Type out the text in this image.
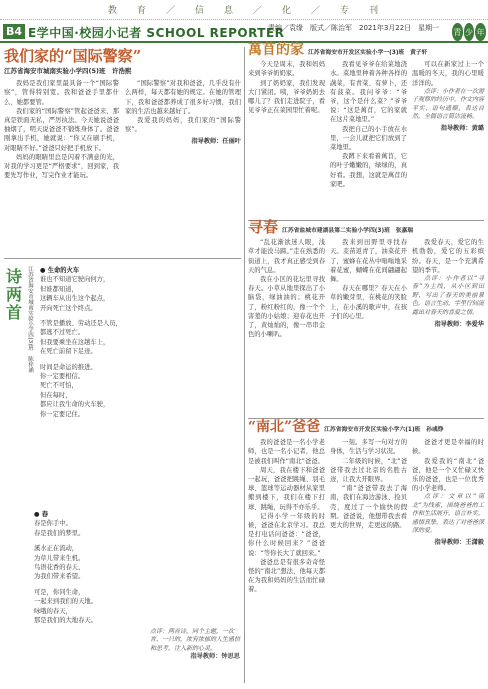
教 育 ／ 信 息 ／ 化 ／ 专 刊
B4 E学中国·校园小记者 SCHOOL REPORTER
责编／袁缘　版式／陈治军　2021年3月22日　星期一	青 少 年
我们家的“国际警察”
江苏省海安市城南实验小学四(5)班　许浩熙

我妈是我们家里最具备一个“国际警察”，管得特别宽。我和爸爸手里都什么，她都要管。

我们家的“国际警察”管起爸爸来，那真是铁面无私，严厉执法。今天她说爸爸抽烟了，明天说爸爸不锻炼身体了。爸爸刚拿出手机，她就说：“你又在刷手机，对眼睛不好。”爸爸只好把手机放下。

妈妈的眼睛里总是闪着不满意的光，对我的学习更是“严格要求”，回到家，我要先写作业，写完作业才能玩。

“国际警察”对我和爸爸，几乎没有什么两样，每天都有她的规定。在她的管理下，我和爸爸都养成了很多好习惯，我们家的生活也越来越好了。

我爱我的妈妈，我们家的“国际警察”。

指导教师：任丽叶
诗两首 江苏省海安市城南实验小学四(3)班　陈梓涵 ● 生命的火车
谁也不知道它驶向何方，
但谁都知道，
这辆车从出生这个起点，
开向死亡这个终点。
不管是播放、劳动还是人员，
都逃不过死亡。
但我要乘坐在这趟车上，
在死亡前留下足迹。
时间是命运的推进。
你一定要相信。
死亡不可怕，
但在每时，
都应让我生命的火车驶，
你一定要记住。
● 春
春是你手中。
春是我们的梦里。
溪水正在流动，
为草儿带来生机。
鸟语花香的春天，
为我们带来希望。
可是，你同生命，
一起来到我们的天地。
咏哦的春天，
那是我们的大地春天。
点评：两首诗，同个主题，一次育、一只的，浓有浓郁的人生感悟和思考，注入新的心灵。
指导教师：钟思思
萬苜的家 江苏省海安市开发区实验小学一(3)班　黄子轩

今天是周末，我和妈妈来到爷爷奶奶家。

到了奶奶家，我们发现大门紧闭。咦，爷爷奶奶去哪儿了？我们走进院子，看见爷爷正在菜园里忙着呢。

我看见爷爷在给菜地浇水。菜地里种着各种各样的蔬菜，有青菜、有萝卜，还有菠菜。我问爷爷：“爷爷，这个是什么菜？”爷爷说：“这是萬苜，它的家就在这片菜地里。”

我把自己的小手放在水里，一会儿就把它们放到了菜地里。

我蹲下来看着萬苜，它的叶子嫩嫩的，绿绿的，真好看。我想，这就是萬苜的家吧。

可以在新家过上一个温暖的冬天，我的心里暖洋洋的。

点评：小作者在一次游子观察的经历中，作文内容平实，语句通顺，表达自然，全篇语言简洁流畅。

指导教师：黄璐
寻春 江苏省盐城市建湖县第二实验小学四(3)班　张嘉瑞

“乱花渐欲迷人眼，浅草才能没马蹄。”走在熟悉的街道上，我才真正感受到春天的气息。

我在小区的花坛里寻找春天。小草从地里探出了小脑袋，绿油油的；桃花开了，粉红粉红的，像一个个害羞的小姑娘；迎春花也开了，黄灿灿的，像一串串金色的小喇叭。

我来到田野里寻找春天。麦苗返青了，油菜花开了，蜜蜂在花丛中嗡嗡地采着花蜜，蝴蝶在花间翩翩起舞。

春天在哪里？春天在小草的嫩芽里，在桃花的笑脸上，在小溪的歌声中，在孩子们的心里。

我爱春天，爱它的生机勃勃，爱它的五彩缤纷。春天，是一个充满希望的季节。

点评：小作者以“寻春”为主线，从小区到田野，写出了春天的美丽景色，语言生动，字里行间流露出对春天的喜爱之情。

指导教师：李爱华
“南北”爸爸 江苏省海安市开发区实验小学六(1)班　孙彧铮

我的爸爸是一名小学老师，也是一名小记者，他总是被我们叫作“南北”爸爸。

周天，我在楼下和爸爸一起玩，爸爸把跳绳、羽毛球、篮球等运动器材从家里搬到楼下，我们在楼下打球、跳绳，玩得不亦乐乎。

记得小学一年级的时候，爸爸在北京学习。我总是打电话问爸爸：“爸爸，你什么时候回来？”爸爸说：“等你长大了就回来。”

爸爸总是有很多奇奇怪怪的“南北”想法，他每天都在为我和妈妈的生活而忙碌着。

一刻。多写一句对方的身体，生活与学习状况。

二年级的时候，“北”爸爸带我去过北京的名胜古迹，让我大开眼界。

“南”爸爸带我去了海南，我们在海边游泳、捡贝壳，度过了一个愉快的假期。爸爸说，他想带我去看更大的世界，走更远的路。

爸爸才更是幸福的时候。

我爱我的“南北”爸爸，他是一个又忙碌又快乐的爸爸，也是一位优秀的小学老师。

点评：文章以“南北”为线索，围绕爸爸的工作和生活展开，语言朴实，感情真挚，表达了对爸爸深深的爱。

指导教师：王潇毅
